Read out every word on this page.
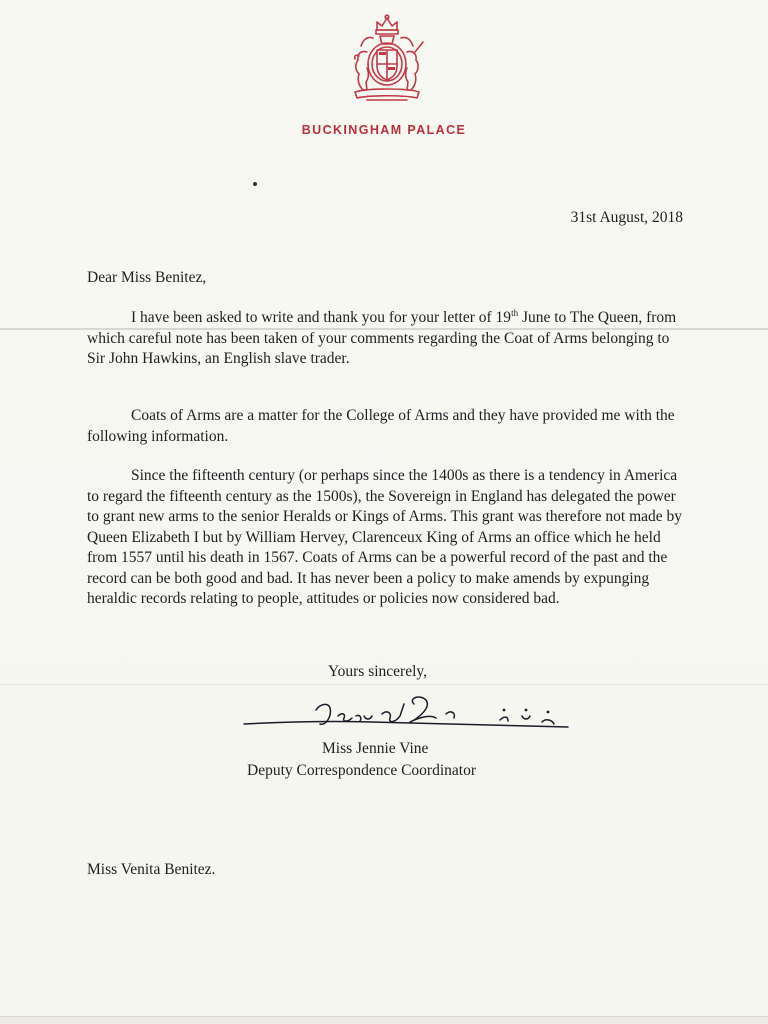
BUCKINGHAM PALACE
31st August, 2018
Dear Miss Benitez,

I have been asked to write and thank you for your letter of 19th June to The Queen, from which careful note has been taken of your comments regarding the Coat of Arms belonging to Sir John Hawkins, an English slave trader.

Coats of Arms are a matter for the College of Arms and they have provided me with the following information.

Since the fifteenth century (or perhaps since the 1400s as there is a tendency in America to regard the fifteenth century as the 1500s), the Sovereign in England has delegated the power to grant new arms to the senior Heralds or Kings of Arms. This grant was therefore not made by Queen Elizabeth I but by William Hervey, Clarenceux King of Arms an office which he held from 1557 until his death in 1567. Coats of Arms can be a powerful record of the past and the record can be both good and bad. It has never been a policy to make amends by expunging heraldic records relating to people, attitudes or policies now considered bad.

Yours sincerely,
Miss Jennie Vine
Deputy Correspondence Coordinator
Miss Venita Benitez.
